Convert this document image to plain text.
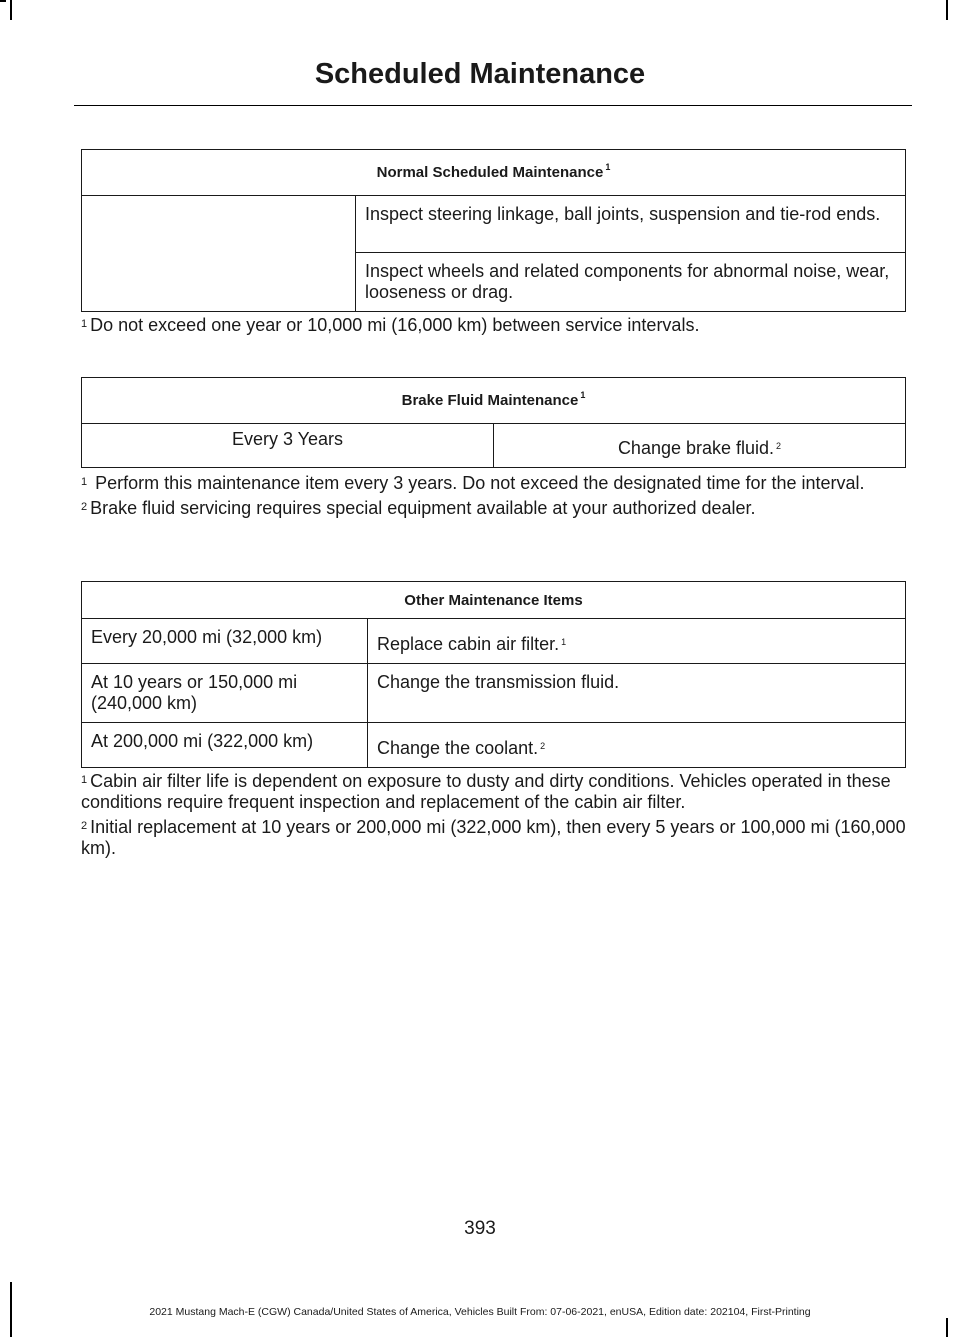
Scheduled Maintenance
Normal Scheduled Maintenance $^1$
	Inspect steering linkage, ball joints, suspension and tie-rod ends.
Inspect wheels and related components for abnormal noise, wear, looseness or drag.

$^1$ Do not exceed one year or 10,000 mi (16,000 km) between service intervals.

Brake Fluid Maintenance $^1$
Every 3 Years	Change brake fluid. $^2$

$^1$ Perform this maintenance item every 3 years. Do not exceed the designated time for the interval.

$^2$ Brake fluid servicing requires special equipment available at your authorized dealer.

Other Maintenance Items	
Every 20,000 mi (32,000 km)	Replace cabin air filter. $^1$
At 10 years or 150,000 mi (240,000 km)	Change the transmission fluid.
At 200,000 mi (322,000 km)	Change the coolant. $^2$

$^1$ Cabin air filter life is dependent on exposure to dusty and dirty conditions. Vehicles operated in these conditions require frequent inspection and replacement of the cabin air filter.

$^2$ Initial replacement at 10 years or 200,000 mi (322,000 km), then every 5 years or 100,000 mi (160,000 km).

393
2021 Mustang Mach-E (CGW) Canada/United States of America, Vehicles Built From: 07-06-2021, enUSA, Edition date: 202104, First-Printing
